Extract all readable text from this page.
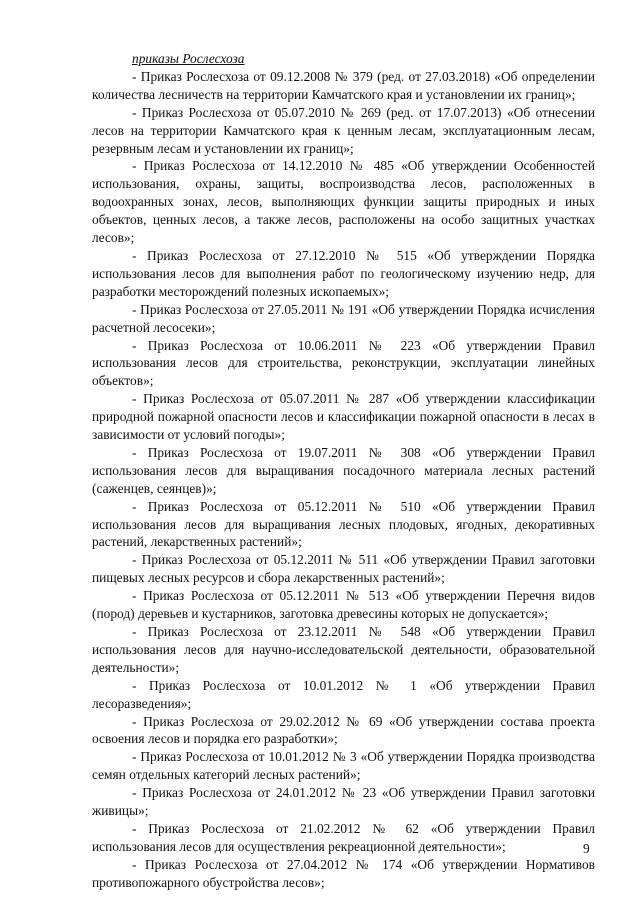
приказы Рослесхоза

- Приказ Рослесхоза от 09.12.2008 № 379 (ред. от 27.03.2018) «Об определении количества лесничеств на территории Камчатского края и установлении их границ»;

- Приказ Рослесхоза от 05.07.2010 № 269 (ред. от 17.07.2013) «Об отнесении лесов на территории Камчатского края к ценным лесам, эксплуатационным лесам, резервным лесам и установлении их границ»;

- Приказ Рослесхоза от 14.12.2010 № 485 «Об утверждении Особенностей использования, охраны, защиты, воспроизводства лесов, расположенных в водоохранных зонах, лесов, выполняющих функции защиты природных и иных объектов, ценных лесов, а также лесов, расположены на особо защитных участках лесов»;

- Приказ Рослесхоза от 27.12.2010 № 515 «Об утверждении Порядка использования лесов для выполнения работ по геологическому изучению недр, для разработки месторождений полезных ископаемых»;

- Приказ Рослесхоза от 27.05.2011 № 191 «Об утверждении Порядка исчисления расчетной лесосеки»;

- Приказ Рослесхоза от 10.06.2011 № 223 «Об утверждении Правил использования лесов для строительства, реконструкции, эксплуатации линейных объектов»;

- Приказ Рослесхоза от 05.07.2011 № 287 «Об утверждении классификации природной пожарной опасности лесов и классификации пожарной опасности в лесах в зависимости от условий погоды»;

- Приказ Рослесхоза от 19.07.2011 № 308 «Об утверждении Правил использования лесов для выращивания посадочного материала лесных растений (саженцев, сеянцев)»;

- Приказ Рослесхоза от 05.12.2011 № 510 «Об утверждении Правил использования лесов для выращивания лесных плодовых, ягодных, декоративных растений, лекарственных растений»;

- Приказ Рослесхоза от 05.12.2011 № 511 «Об утверждении Правил заготовки пищевых лесных ресурсов и сбора лекарственных растений»;

- Приказ Рослесхоза от 05.12.2011 № 513 «Об утверждении Перечня видов (пород) деревьев и кустарников, заготовка древесины которых не допускается»;

- Приказ Рослесхоза от 23.12.2011 № 548 «Об утверждении Правил использования лесов для научно-исследовательской деятельности, образовательной деятельности»;

- Приказ Рослесхоза от 10.01.2012 № 1 «Об утверждении Правил лесоразведения»;

- Приказ Рослесхоза от 29.02.2012 № 69 «Об утверждении состава проекта освоения лесов и порядка его разработки»;

- Приказ Рослесхоза от 10.01.2012 № 3 «Об утверждении Порядка производства семян отдельных категорий лесных растений»;

- Приказ Рослесхоза от 24.01.2012 № 23 «Об утверждении Правил заготовки живицы»;

- Приказ Рослесхоза от 21.02.2012 № 62 «Об утверждении Правил использования лесов для осуществления рекреационной деятельности»;

- Приказ Рослесхоза от 27.04.2012 № 174 «Об утверждении Нормативов противопожарного обустройства лесов»;

9
